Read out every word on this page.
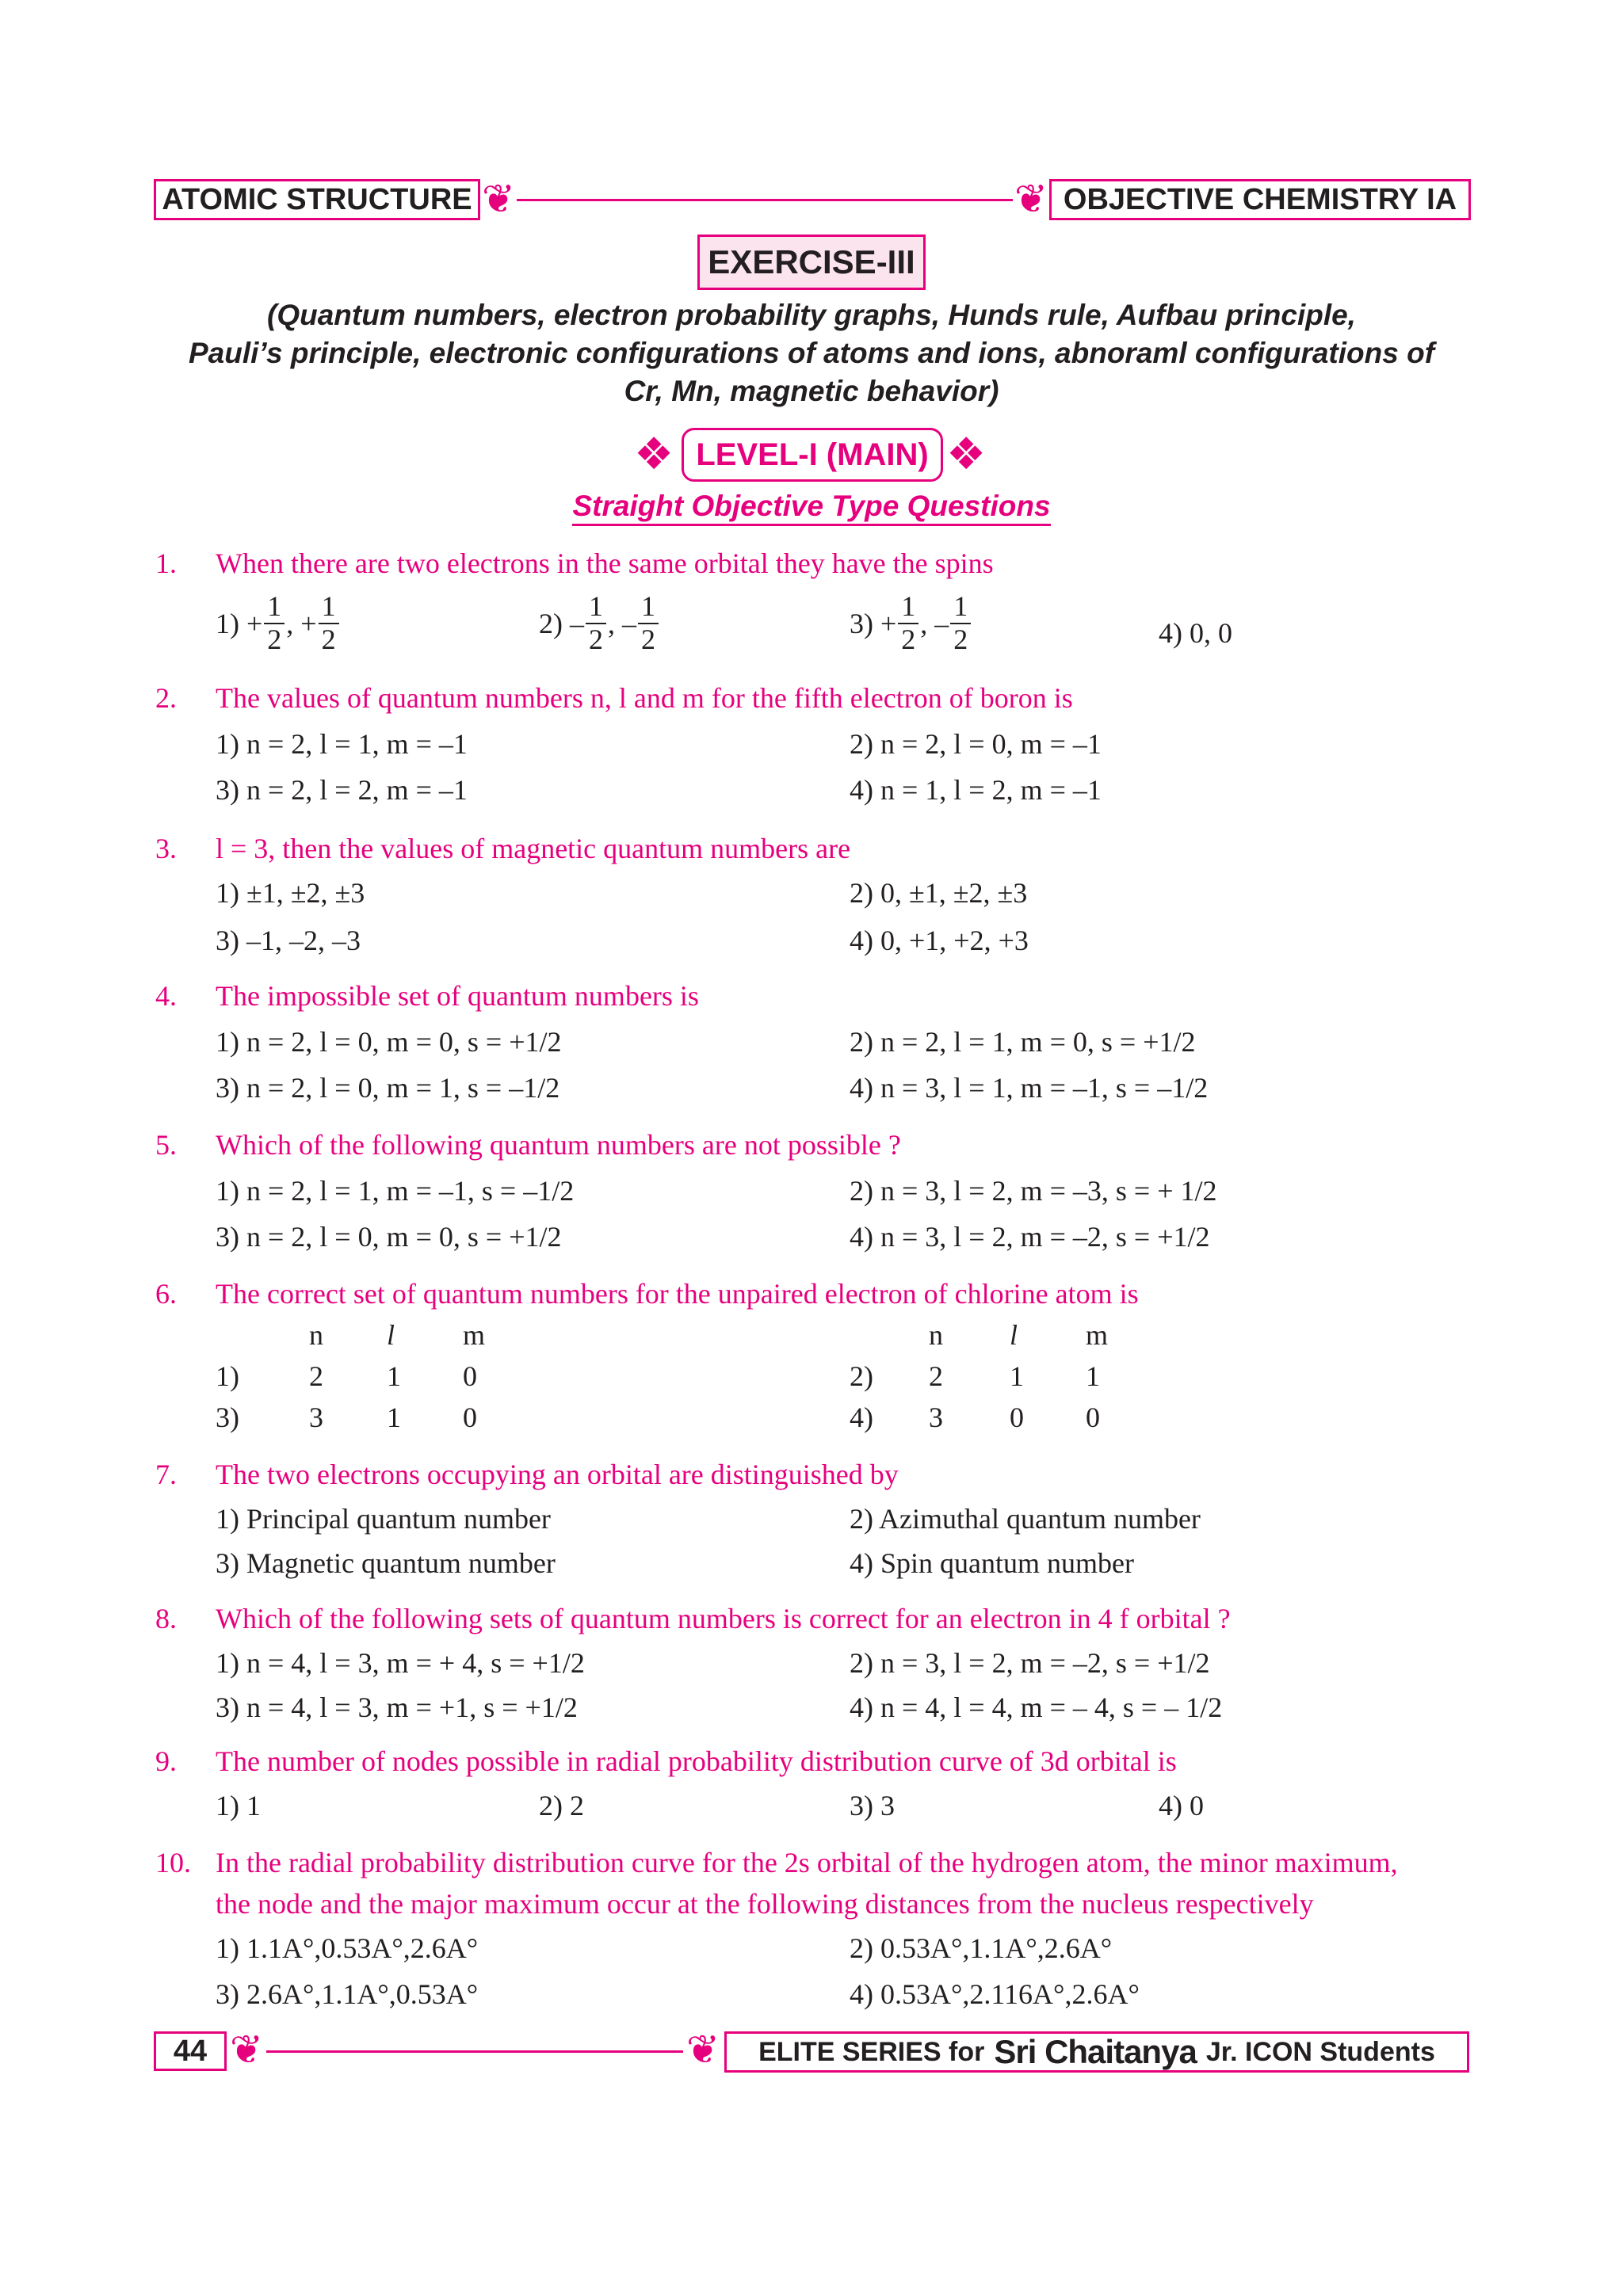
ATOMIC STRUCTURE ❦	❦ OBJECTIVE CHEMISTRY IA
EXERCISE-III
(Quantum numbers, electron probability graphs, Hunds rule, Aufbau principle,
Pauli’s principle, electronic configurations of atoms and ions, abnoraml configurations of
Cr, Mn, magnetic behavior)
❖ LEVEL-I (MAIN) ❖
Straight Objective Type Questions
1. When there are two electrons in the same orbital they have the spins
$1) + \frac{1}{2}$ , + $\frac{1}{2}$	$2) - \frac{1}{2}$ , – $\frac{1}{2}$	$3) + \frac{1}{2}$ , – $\frac{1}{2}$	4) 0, 0
2. The values of quantum numbers n, l and m for the fifth electron of boron is
1) n = 2, l = 1, m = –1	2) n = 2, l = 0, m = –1
3) n = 2, l = 2, m = –1	4) n = 1, l = 2, m = –1
3. l = 3, then the values of magnetic quantum numbers are
1) ±1, ±2, ±3	2) 0, ±1, ±2, ±3
3) –1, –2, –3	4) 0, +1, +2, +3
4. The impossible set of quantum numbers is
1) n = 2, l = 0, m = 0, s = +1/2	2) n = 2, l = 1, m = 0, s = +1/2
3) n = 2, l = 0, m = 1, s = –1/2	4) n = 3, l = 1, m = –1, s = –1/2
5. Which of the following quantum numbers are not possible ?
1) n = 2, l = 1, m = –1, s = –1/2	2) n = 3, l = 2, m = –3, s = + 1/2
3) n = 2, l = 0, m = 0, s = +1/2	4) n = 3, l = 2, m = –2, s = +1/2
6. The correct set of quantum numbers for the unpaired electron of chlorine atom is
n l m	n l m
1) 2 1 0	2) 2 1 1
3) 3 1 0	4) 3 0 0
7. The two electrons occupying an orbital are distinguished by
1) Principal quantum number	2) Azimuthal quantum number
3) Magnetic quantum number	4) Spin quantum number
8. Which of the following sets of quantum numbers is correct for an electron in 4 f orbital ?
1) n = 4, l = 3, m = + 4, s = +1/2	2) n = 3, l = 2, m = –2, s = +1/2
3) n = 4, l = 3, m = +1, s = +1/2	4) n = 4, l = 4, m = – 4, s = – 1/2
9. The number of nodes possible in radial probability distribution curve of 3d orbital is
1) 1	2) 2	3) 3	4) 0
10. In the radial probability distribution curve for the 2s orbital of the hydrogen atom, the minor maximum,
the node and the major maximum occur at the following distances from the nucleus respectively
1) 1.1A°,0.53A°,2.6A°	2) 0.53A°,1.1A°,2.6A°
3) 2.6A°,1.1A°,0.53A°	4) 0.53A°,2.116A°,2.6A°
44 ❦	❦ ELITE SERIES for Sri Chaitanya Jr. ICON Students
